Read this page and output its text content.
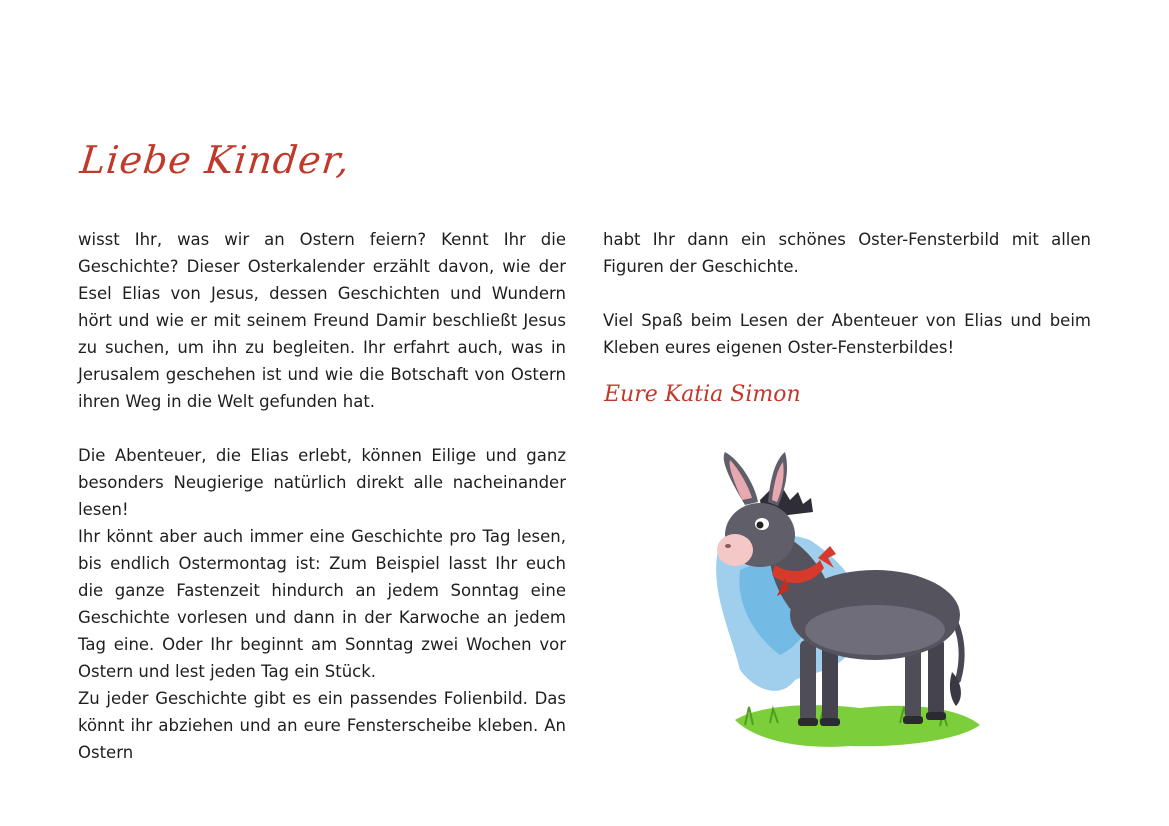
Liebe Kinder,

wisst Ihr, was wir an Ostern feiern? Kennt Ihr die Geschichte? Dieser Osterkalender erzählt davon, wie der Esel Elias von Jesus, dessen Geschichten und Wundern hört und wie er mit seinem Freund Damir beschließt Jesus zu suchen, um ihn zu begleiten. Ihr erfahrt auch, was in Jerusalem geschehen ist und wie die Botschaft von Ostern ihren Weg in die Welt gefunden hat.

Die Abenteuer, die Elias erlebt, können Eilige und ganz besonders Neugierige natürlich direkt alle nacheinander lesen!

Ihr könnt aber auch immer eine Geschichte pro Tag lesen, bis endlich Ostermontag ist: Zum Beispiel lasst Ihr euch die ganze Fastenzeit hindurch an jedem Sonntag eine Geschichte vorlesen und dann in der Karwoche an jedem Tag eine. Oder Ihr beginnt am Sonntag zwei Wochen vor Ostern und lest jeden Tag ein Stück.

Zu jeder Geschichte gibt es ein passendes Folienbild. Das könnt ihr abziehen und an eure Fensterscheibe kleben. An Ostern

habt Ihr dann ein schönes Oster-Fensterbild mit allen Figuren der Geschichte.

Viel Spaß beim Lesen der Abenteuer von Elias und beim Kleben eures eigenen Oster-Fensterbildes!

Eure Katia Simon
